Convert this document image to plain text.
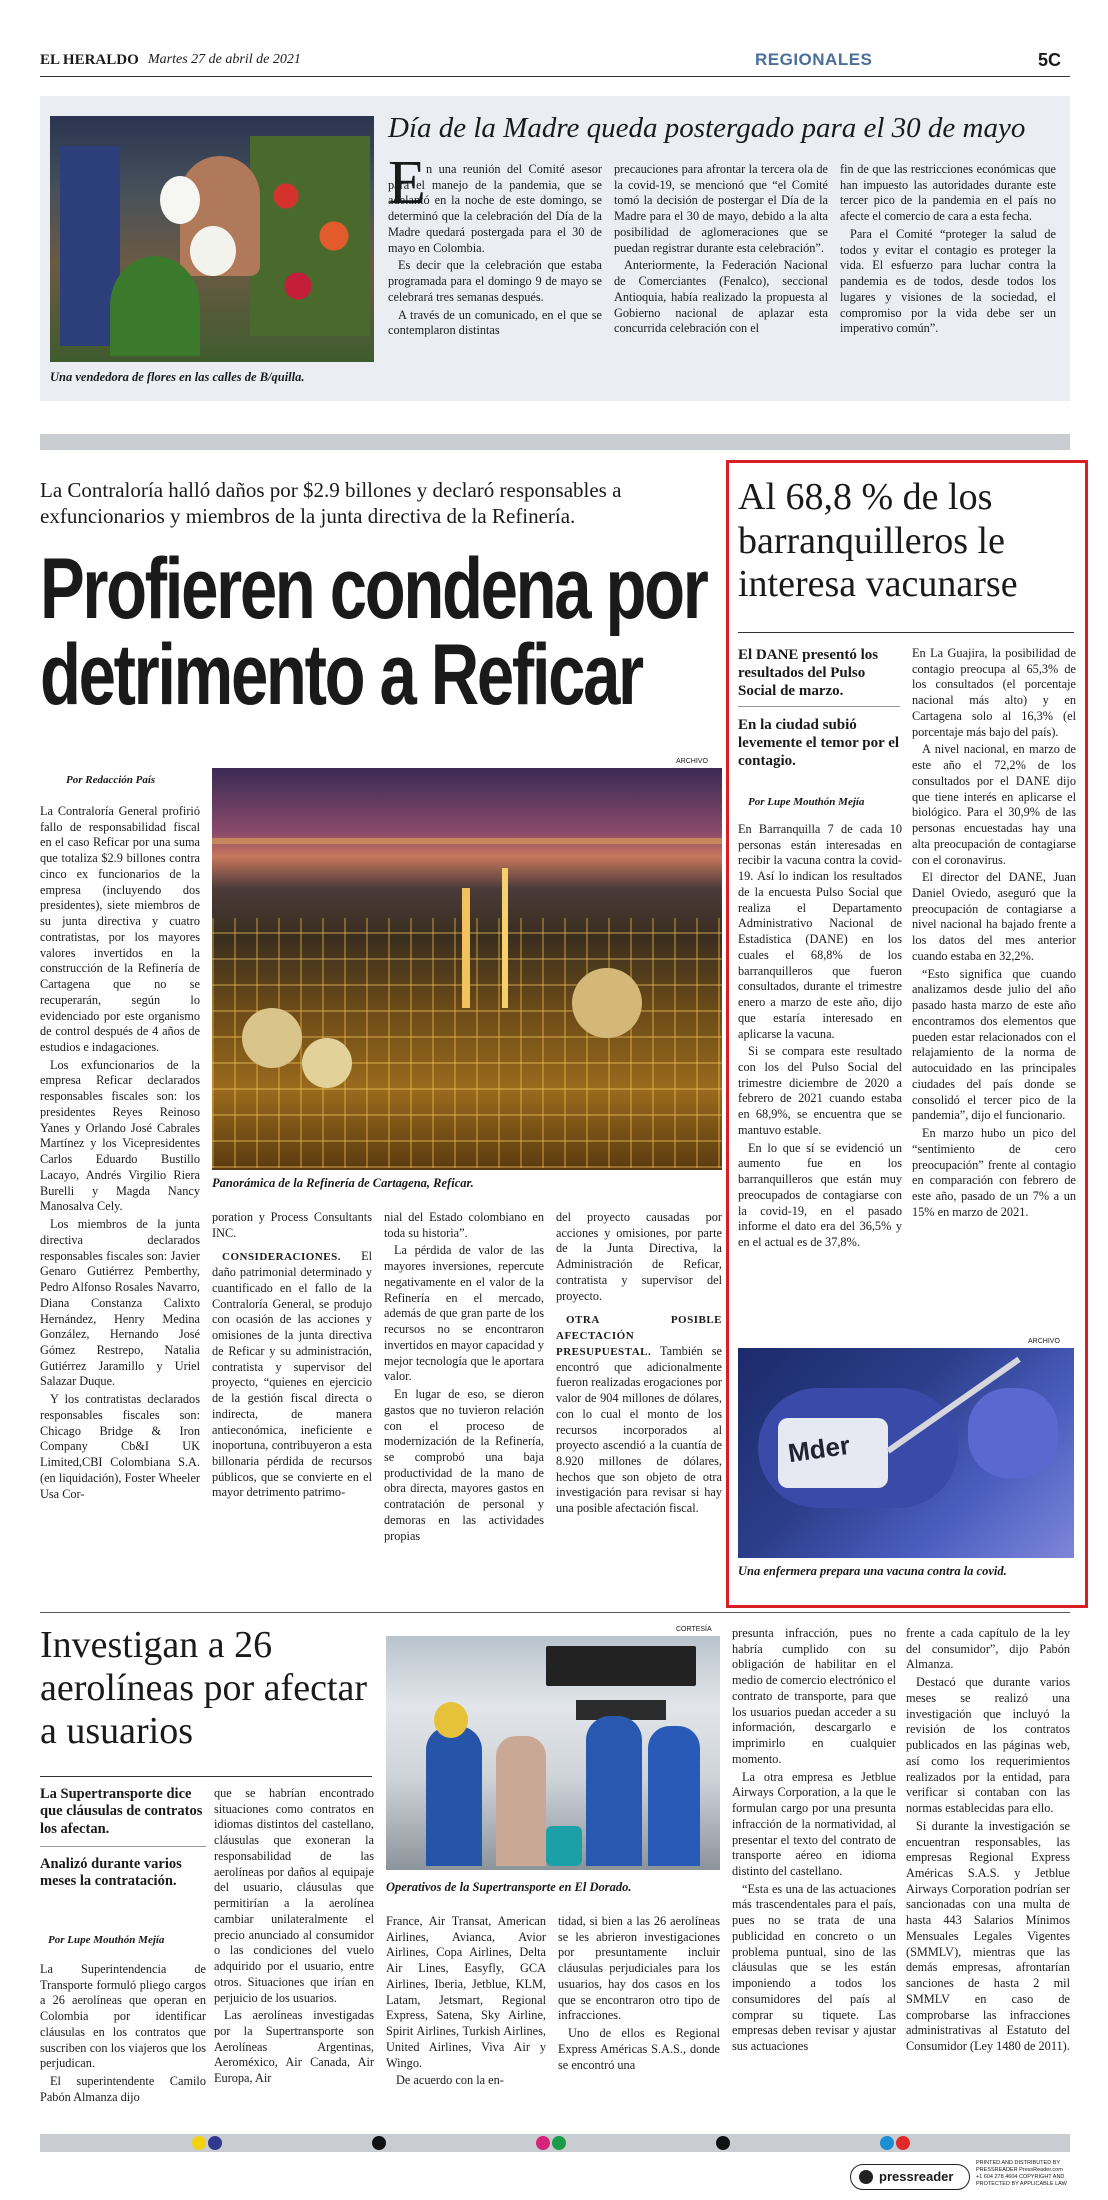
EL HERALDO Martes 27 de abril de 2021	REGIONALES	5C
Una vendedora de flores en las calles de B/quilla.
Día de la Madre queda postergado para el 30 de mayo
E n una reunión del Comité asesor para el manejo de la pandemia, que se adelantó en la noche de este domingo, se determinó que la celebración del Día de la Madre quedará postergada para el 30 de mayo en Colombia.

Es decir que la celebración que estaba programada para el domingo 9 de mayo se celebrará tres semanas después.

A través de un comunicado, en el que se contemplaron distintas

precauciones para afrontar la tercera ola de la covid-19, se mencionó que “el Comité tomó la decisión de postergar el Día de la Madre para el 30 de mayo, debido a la alta posibilidad de aglomeraciones que se puedan registrar durante esta celebración”.

Anteriormente, la Federación Nacional de Comerciantes (Fenalco), seccional Antioquia, había realizado la propuesta al Gobierno nacional de aplazar esta concurrida celebración con el

fin de que las restricciones económicas que han impuesto las autoridades durante este tercer pico de la pandemia en el país no afecte el comercio de cara a esta fecha.

Para el Comité “proteger la salud de todos y evitar el contagio es proteger la vida. El esfuerzo para luchar contra la pandemia es de todos, desde todos los lugares y visiones de la sociedad, el compromiso por la vida debe ser un imperativo común”.

La Contraloría halló daños por $2.9 billones y declaró responsables a exfuncionarios y miembros de la junta directiva de la Refinería.
Profieren condena por detrimento a Reficar
Por Redacción País
ARCHIVO
Panorámica de la Refinería de Cartagena, Reficar.

La Contraloría General profirió fallo de responsabilidad fiscal en el caso Reficar por una suma que totaliza $2.9 billones contra cinco ex funcionarios de la empresa (incluyendo dos presidentes), siete miembros de su junta directiva y cuatro contratistas, por los mayores valores invertidos en la construcción de la Refinería de Cartagena que no se recuperarán, según lo evidenciado por este organismo de control después de 4 años de estudios e indagaciones.

Los exfuncionarios de la empresa Reficar declarados responsables fiscales son: los presidentes Reyes Reinoso Yanes y Orlando José Cabrales Martínez y los Vicepresidentes Carlos Eduardo Bustillo Lacayo, Andrés Virgilio Riera Burelli y Magda Nancy Manosalva Cely.

Los miembros de la junta directiva declarados responsables fiscales son: Javier Genaro Gutiérrez Pemberthy, Pedro Alfonso Rosales Navarro, Diana Constanza Calixto Hernández, Henry Medina González, Hernando José Gómez Restrepo, Natalia Gutiérrez Jaramillo y Uriel Salazar Duque.

Y los contratistas declarados responsables fiscales son: Chicago Bridge & Iron Company Cb&I UK Limited,CBI Colombiana S.A. (en liquidación), Foster Wheeler Usa Cor-

poration y Process Consultants INC.

CONSIDERACIONES. El daño patrimonial determinado y cuantificado en el fallo de la Contraloría General, se produjo con ocasión de las acciones y omisiones de la junta directiva de Reficar y su administración, contratista y supervisor del proyecto, “quienes en ejercicio de la gestión fiscal directa o indirecta, de manera antieconómica, ineficiente e inoportuna, contribuyeron a esta billonaria pérdida de recursos públicos, que se convierte en el mayor detrimento patrimo-

nial del Estado colombiano en toda su historia”.

La pérdida de valor de las mayores inversiones, repercute negativamente en el valor de la Refinería en el mercado, además de que gran parte de los recursos no se encontraron invertidos en mayor capacidad y mejor tecnología que le aportara valor.

En lugar de eso, se dieron gastos que no tuvieron relación con el proceso de modernización de la Refinería, se comprobó una baja productividad de la mano de obra directa, mayores gastos en contratación de personal y demoras en las actividades propias

del proyecto causadas por acciones y omisiones, por parte de la Junta Directiva, la Administración de Reficar, contratista y supervisor del proyecto.

OTRA POSIBLE AFECTACIÓN PRESUPUESTAL. También se encontró que adicionalmente fueron realizadas erogaciones por valor de 904 millones de dólares, con lo cual el monto de los recursos incorporados al proyecto ascendió a la cuantía de 8.920 millones de dólares, hechos que son objeto de otra investigación para revisar si hay una posible afectación fiscal.

Al 68,8 % de los barranquilleros le interesa vacunarse
El DANE presentó los resultados del Pulso Social de marzo.
En la ciudad subió levemente el temor por el contagio.
Por Lupe Mouthón Mejía

En Barranquilla 7 de cada 10 personas están interesadas en recibir la vacuna contra la covid-19. Así lo indican los resultados de la encuesta Pulso Social que realiza el Departamento Administrativo Nacional de Estadística (DANE) en los cuales el 68,8% de los barranquilleros que fueron consultados, durante el trimestre enero a marzo de este año, dijo que estaría interesado en aplicarse la vacuna.

Si se compara este resultado con los del Pulso Social del trimestre diciembre de 2020 a febrero de 2021 cuando estaba en 68,9%, se encuentra que se mantuvo estable.

En lo que sí se evidenció un aumento fue en los barranquilleros que están muy preocupados de contagiarse con la covid-19, en el pasado informe el dato era del 36,5% y en el actual es de 37,8%.

En La Guajira, la posibilidad de contagio preocupa al 65,3% de los consultados (el porcentaje nacional más alto) y en Cartagena solo al 16,3% (el porcentaje más bajo del país).

A nivel nacional, en marzo de este año el 72,2% de los consultados por el DANE dijo que tiene interés en aplicarse el biológico. Para el 30,9% de las personas encuestadas hay una alta preocupación de contagiarse con el coronavirus.

El director del DANE, Juan Daniel Oviedo, aseguró que la preocupación de contagiarse a nivel nacional ha bajado frente a los datos del mes anterior cuando estaba en 32,2%.

“Esto significa que cuando analizamos desde julio del año pasado hasta marzo de este año encontramos dos elementos que pueden estar relacionados con el relajamiento de la norma de autocuidado en las principales ciudades del país donde se consolidó el tercer pico de la pandemia”, dijo el funcionario.

En marzo hubo un pico del “sentimiento de cero preocupación” frente al contagio en comparación con febrero de este año, pasado de un 7% a un 15% en marzo de 2021.

ARCHIVO
Mder
Una enfermera prepara una vacuna contra la covid.
Investigan a 26 aerolíneas por afectar a usuarios
La Supertransporte dice que cláusulas de contratos los afectan.
Analizó durante varios meses la contratación.
Por Lupe Mouthón Mejía

La Superintendencia de Transporte formuló pliego cargos a 26 aerolíneas que operan en Colombia por identificar cláusulas en los contratos que suscriben con los viajeros que los perjudican.

El superintendente Camilo Pabón Almanza dijo

que se habrían encontrado situaciones como contratos en idiomas distintos del castellano, cláusulas que exoneran la responsabilidad de las aerolíneas por daños al equipaje del usuario, cláusulas que permitirían a la aerolínea cambiar unilateralmente el precio anunciado al consumidor o las condiciones del vuelo adquirido por el usuario, entre otros. Situaciones que irían en perjuicio de los usuarios.

Las aerolíneas investigadas por la Supertransporte son Aerolíneas Argentinas, Aeroméxico, Air Canada, Air Europa, Air

CORTESÍA
Operativos de la Supertransporte en El Dorado.

France, Air Transat, American Airlines, Avianca, Avior Airlines, Copa Airlines, Delta Air Lines, Easyfly, GCA Airlines, Iberia, Jetblue, KLM, Latam, Jetsmart, Regional Express, Satena, Sky Airline, Spirit Airlines, Turkish Airlines, United Airlines, Viva Air y Wingo.

De acuerdo con la en-

tidad, si bien a las 26 aerolíneas se les abrieron investigaciones por presuntamente incluir cláusulas perjudiciales para los usuarios, hay dos casos en los que se encontraron otro tipo de infracciones.

Uno de ellos es Regional Express Américas S.A.S., donde se encontró una

presunta infracción, pues no habría cumplido con su obligación de habilitar en el medio de comercio electrónico el contrato de transporte, para que los usuarios puedan acceder a su información, descargarlo e imprimirlo en cualquier momento.

La otra empresa es Jetblue Airways Corporation, a la que le formulan cargo por una presunta infracción de la normatividad, al presentar el texto del contrato de transporte aéreo en idioma distinto del castellano.

“Esta es una de las actuaciones más trascendentales para el país, pues no se trata de una publicidad en concreto o un problema puntual, sino de las cláusulas que se les están imponiendo a todos los consumidores del país al comprar su tiquete. Las empresas deben revisar y ajustar sus actuaciones

frente a cada capítulo de la ley del consumidor”, dijo Pabón Almanza.

Destacó que durante varios meses se realizó una investigación que incluyó la revisión de los contratos publicados en las páginas web, así como los requerimientos realizados por la entidad, para verificar si contaban con las normas establecidas para ello.

Si durante la investigación se encuentran responsables, las empresas Regional Express Américas S.A.S. y Jetblue Airways Corporation podrían ser sancionadas con una multa de hasta 443 Salarios Mínimos Mensuales Legales Vigentes (SMMLV), mientras que las demás empresas, afrontarían sanciones de hasta 2 mil SMMLV en caso de comprobarse las infracciones administrativas al Estatuto del Consumidor (Ley 1480 de 2011).

pressreader
PRINTED AND DISTRIBUTED BY PRESSREADER PressReader.com +1 604 278 4604 COPYRIGHT AND PROTECTED BY APPLICABLE LAW
